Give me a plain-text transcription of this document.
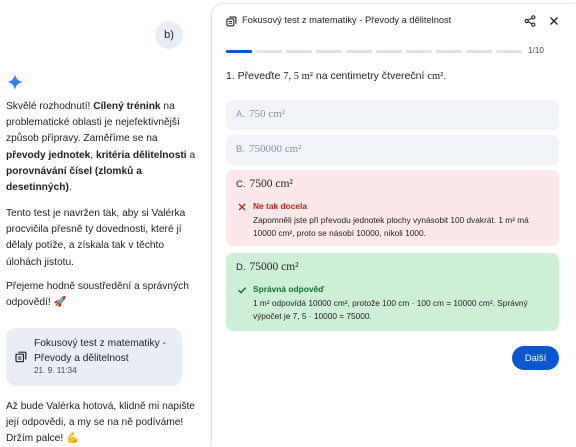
b)
Skvělé rozhodnutí! Cílený trénink na problematické oblasti je nejefektivnější způsob přípravy. Zaměříme se na převody jednotek, kritéria dělitelnosti a porovnávání čísel (zlomků a desetinných).
Tento test je navržen tak, aby si Valérka procvičila přesně ty dovednosti, které jí dělaly potíže, a získala tak v těchto úlohách jistotu.
Přejeme hodně soustředění a správných odpovědí! 🚀
Fokusový test z matematiky - Převody a dělitelnost
21. 9. 11:34
Až bude Valérka hotová, klidně mi napište její odpovědi, a my se na ně podíváme! Držím palce! 💪
Fokusový test z matematiky - Převody a dělitelnost
1/10
1. Převeďte 7, 5 m² na centimetry čtvereční cm².
A. 750 cm²
B. 750000 cm²
C. 7500 cm²
Ne tak docela
Zapomněli jste při převodu jednotek plochy vynásobit 100 dvakrát. 1 m² má 10000 cm², proto se násobí 10000, nikoli 1000.
D. 75000 cm²
Správná odpověď
1 m² odpovídá 10000 cm², protože 100 cm · 100 cm = 10000 cm². Správný výpočet je 7, 5 · 10000 = 75000.
Další
